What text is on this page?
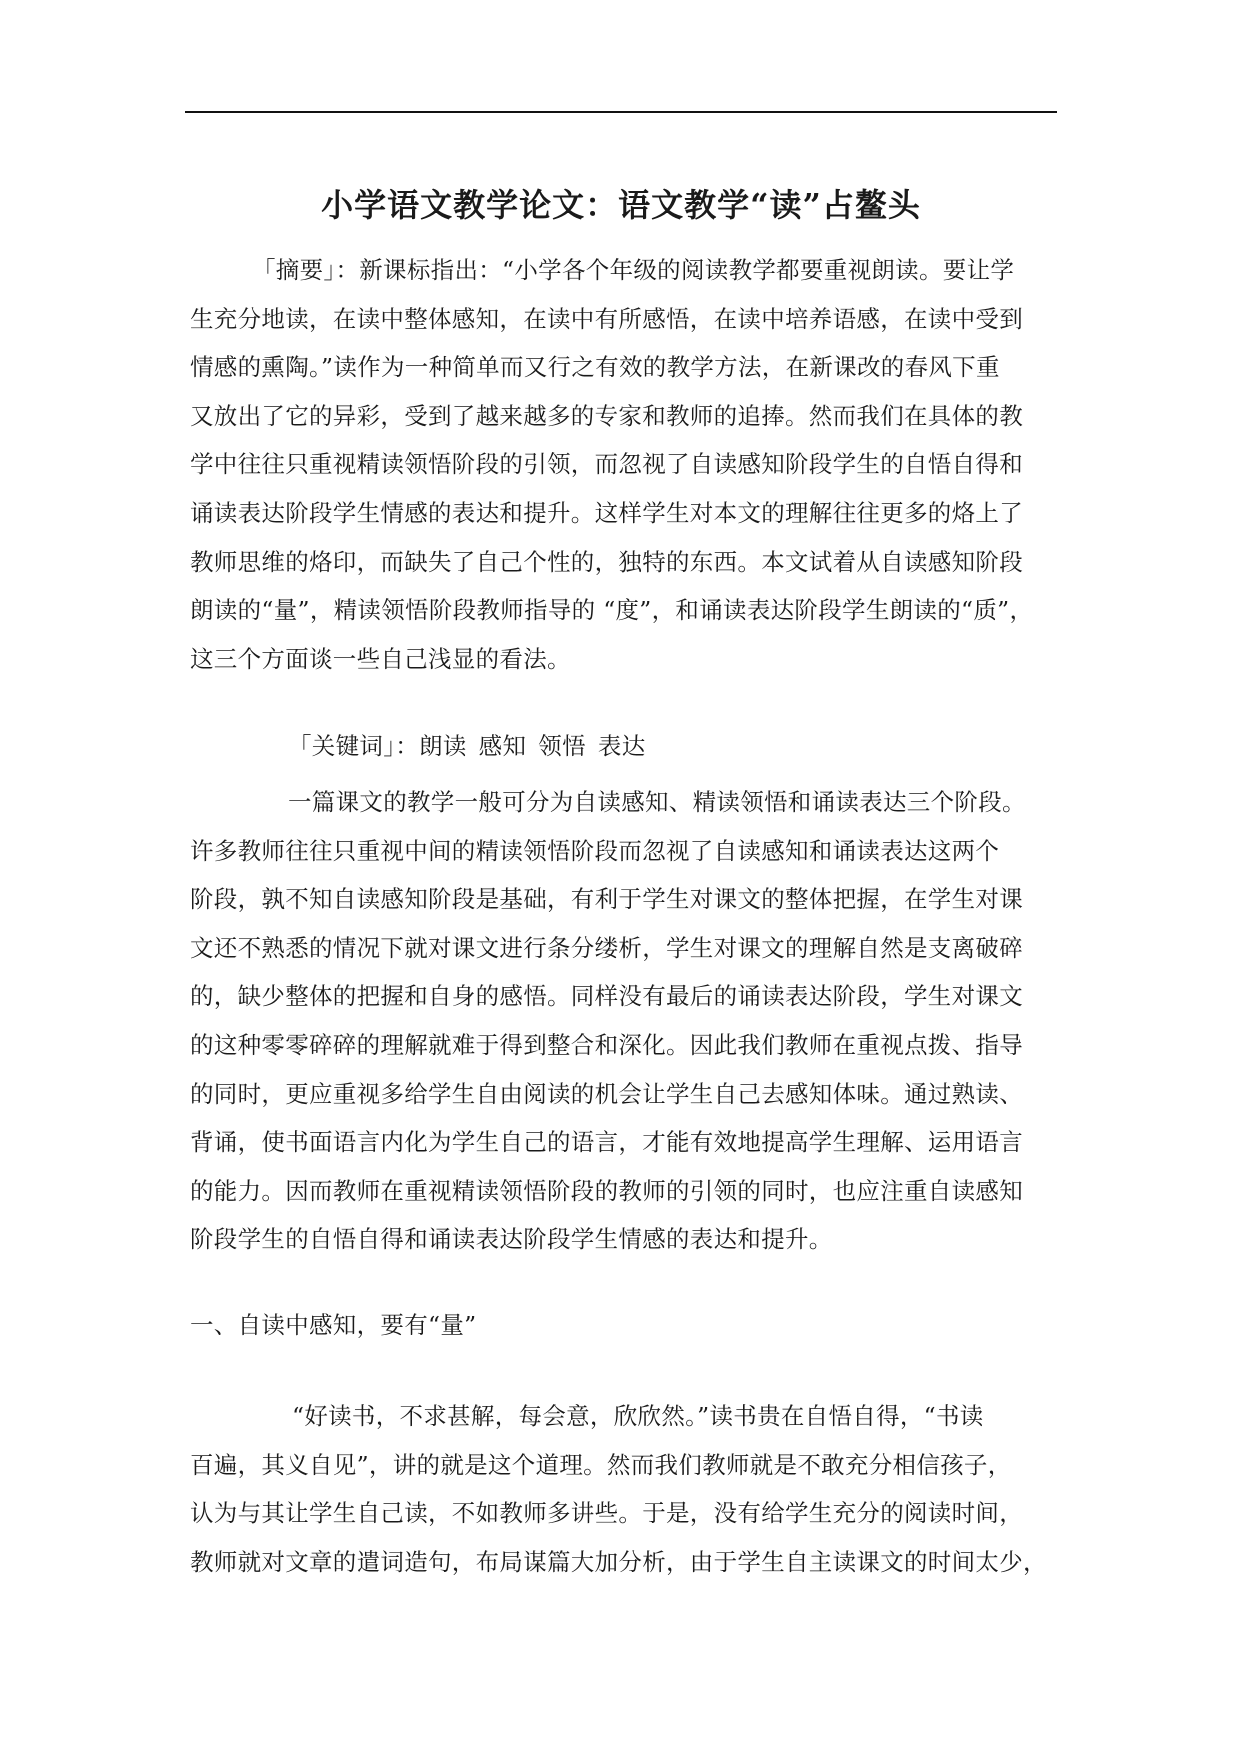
小学语文教学论文：语文教学“读”占鳌头
「摘要」：新课标指出：“小学各个年级的阅读教学都要重视朗读。要让学
生充分地读，在读中整体感知，在读中有所感悟，在读中培养语感，在读中受到
情感的熏陶。”读作为一种简单而又行之有效的教学方法，在新课改的春风下重
又放出了它的异彩，受到了越来越多的专家和教师的追捧。然而我们在具体的教
学中往往只重视精读领悟阶段的引领，而忽视了自读感知阶段学生的自悟自得和
诵读表达阶段学生情感的表达和提升。这样学生对本文的理解往往更多的烙上了
教师思维的烙印，而缺失了自己个性的，独特的东西。本文试着从自读感知阶段
朗读的“量”，精读领悟阶段教师指导的 “度”，和诵读表达阶段学生朗读的“质”，
这三个方面谈一些自己浅显的看法。
「关键词」：朗读 感知 领悟 表达
一篇课文的教学一般可分为自读感知、精读领悟和诵读表达三个阶段。
许多教师往往只重视中间的精读领悟阶段而忽视了自读感知和诵读表达这两个
阶段，孰不知自读感知阶段是基础，有利于学生对课文的整体把握，在学生对课
文还不熟悉的情况下就对课文进行条分缕析，学生对课文的理解自然是支离破碎
的，缺少整体的把握和自身的感悟。同样没有最后的诵读表达阶段，学生对课文
的这种零零碎碎的理解就难于得到整合和深化。因此我们教师在重视点拨、指导
的同时，更应重视多给学生自由阅读的机会让学生自己去感知体味。通过熟读、
背诵，使书面语言内化为学生自己的语言，才能有效地提高学生理解、运用语言
的能力。因而教师在重视精读领悟阶段的教师的引领的同时，也应注重自读感知
阶段学生的自悟自得和诵读表达阶段学生情感的表达和提升。
一、自读中感知，要有“量”
“好读书，不求甚解，每会意，欣欣然。”读书贵在自悟自得，“书读
百遍，其义自见”，讲的就是这个道理。然而我们教师就是不敢充分相信孩子，
认为与其让学生自己读，不如教师多讲些。于是，没有给学生充分的阅读时间，
教师就对文章的遣词造句，布局谋篇大加分析，由于学生自主读课文的时间太少，
